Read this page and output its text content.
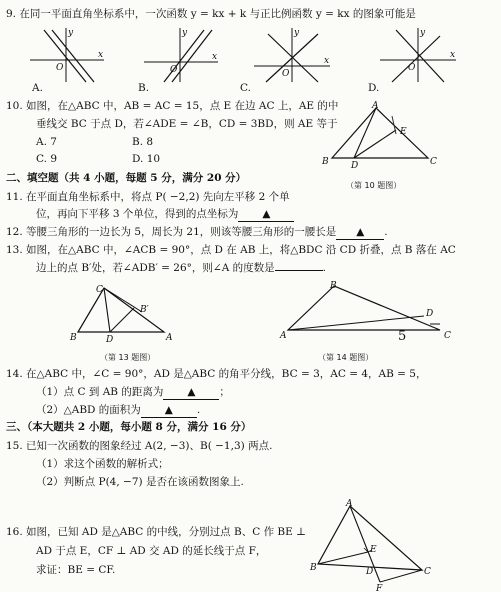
9. 在同一平面直角坐标系中，一次函数 y = kx + k 与正比例函数 y = kx 的图象可能是
y
x
O
y
x
O
y
x
O
y
x
O
A.	B.	C.	D.
10. 如图，在△ABC 中，AB = AC = 15，点 E 在边 AC 上，AE 的中
垂线交 BC 于点 D，若∠ADE = ∠B，CD = 3BD，则 AE 等于
A. 7	B. 8
C. 9	D. 10
A
B D
E
C
（第 10 题图）
二、填空题（共 4 小题，每题 5 分，满分 20 分）
11. 在平面直角坐标系中，将点 P( −2,2) 先向左平移 2 个单
位，再向下平移 3 个单位，得到的点坐标为 ▲
12. 等腰三角形的一边长为 5，周长为 21，则该等腰三角形的一腰长是 ▲ .
13. 如图，在△ABC 中，∠ACB = 90°，点 D 在 AB 上，将△BDC 沿 CD 折叠，点 B 落在 AC
边上的点 B′处，若∠ADB′ = 26°，则∠A 的度数是	.
C
B	D
B′
A
（第 13 题图）
B
A	C
D
5
（第 14 题图）
14. 在△ABC 中，∠C = 90°，AD 是△ABC 的角平分线，BC = 3，AC = 4，AB = 5，
（1）点 C 到 AB 的距离为 ▲ ；
（2）△ABD 的面积为 ▲ .
三、（本大题共 2 小题，每小题 8 分，满分 16 分）
15. 已知一次函数的图象经过 A(2, −3)、B( −1,3) 两点.
（1）求这个函数的解析式；
（2）判断点 P(4, −7) 是否在该函数图象上.
16. 如图，已知 AD 是△ABC 的中线，分别过点 B、C 作 BE ⊥
AD 于点 E，CF ⊥ AD 交 AD 的延长线于点 F，
求证：BE = CF.
A
B
E
D	C
F
